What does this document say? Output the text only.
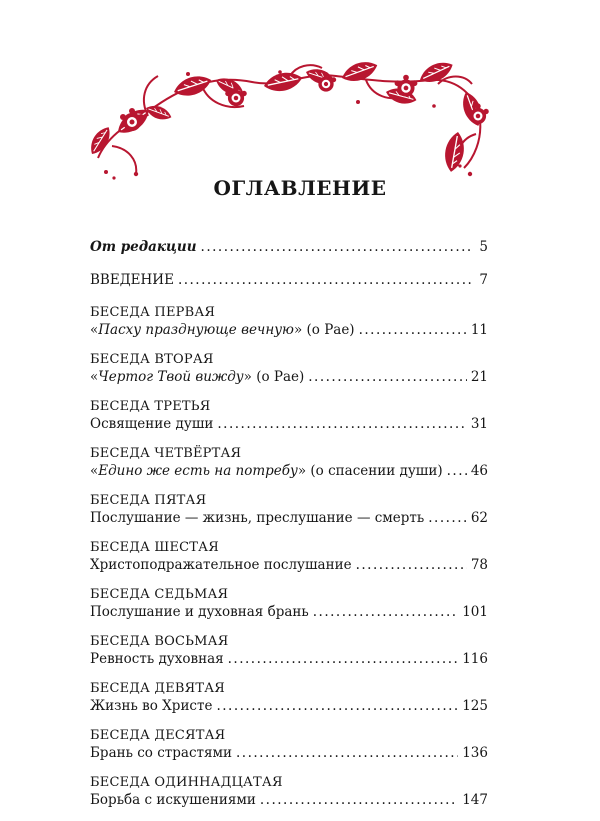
ОГЛАВЛЕНИЕ
От редакции .....	5
ВВЕДЕНИЕ .....	7
БЕСЕДА ПЕРВАЯ
«Пасху празднующе вечную» (о Рае) .....	11
БЕСЕДА ВТОРАЯ
«Чертог Твой вижду» (о Рае) .....	21
БЕСЕДА ТРЕТЬЯ
Освящение души .....	31
БЕСЕДА ЧЕТВЁРТАЯ
«Едино же есть на потребу» (о спасении души) ..... 46
БЕСЕДА ПЯТАЯ
Послушание — жизнь, преслушание — смерть .....	62
БЕСЕДА ШЕСТАЯ
Христоподражательное послушание .....	78
БЕСЕДА СЕДЬМАЯ
Послушание и духовная брань .....	101
БЕСЕДА ВОСЬМАЯ
Ревность духовная .....	116
БЕСЕДА ДЕВЯТАЯ
Жизнь во Христе .....	125
БЕСЕДА ДЕСЯТАЯ
Брань со страстями .....	136
БЕСЕДА ОДИННАДЦАТАЯ
Борьба с искушениями .....	147
